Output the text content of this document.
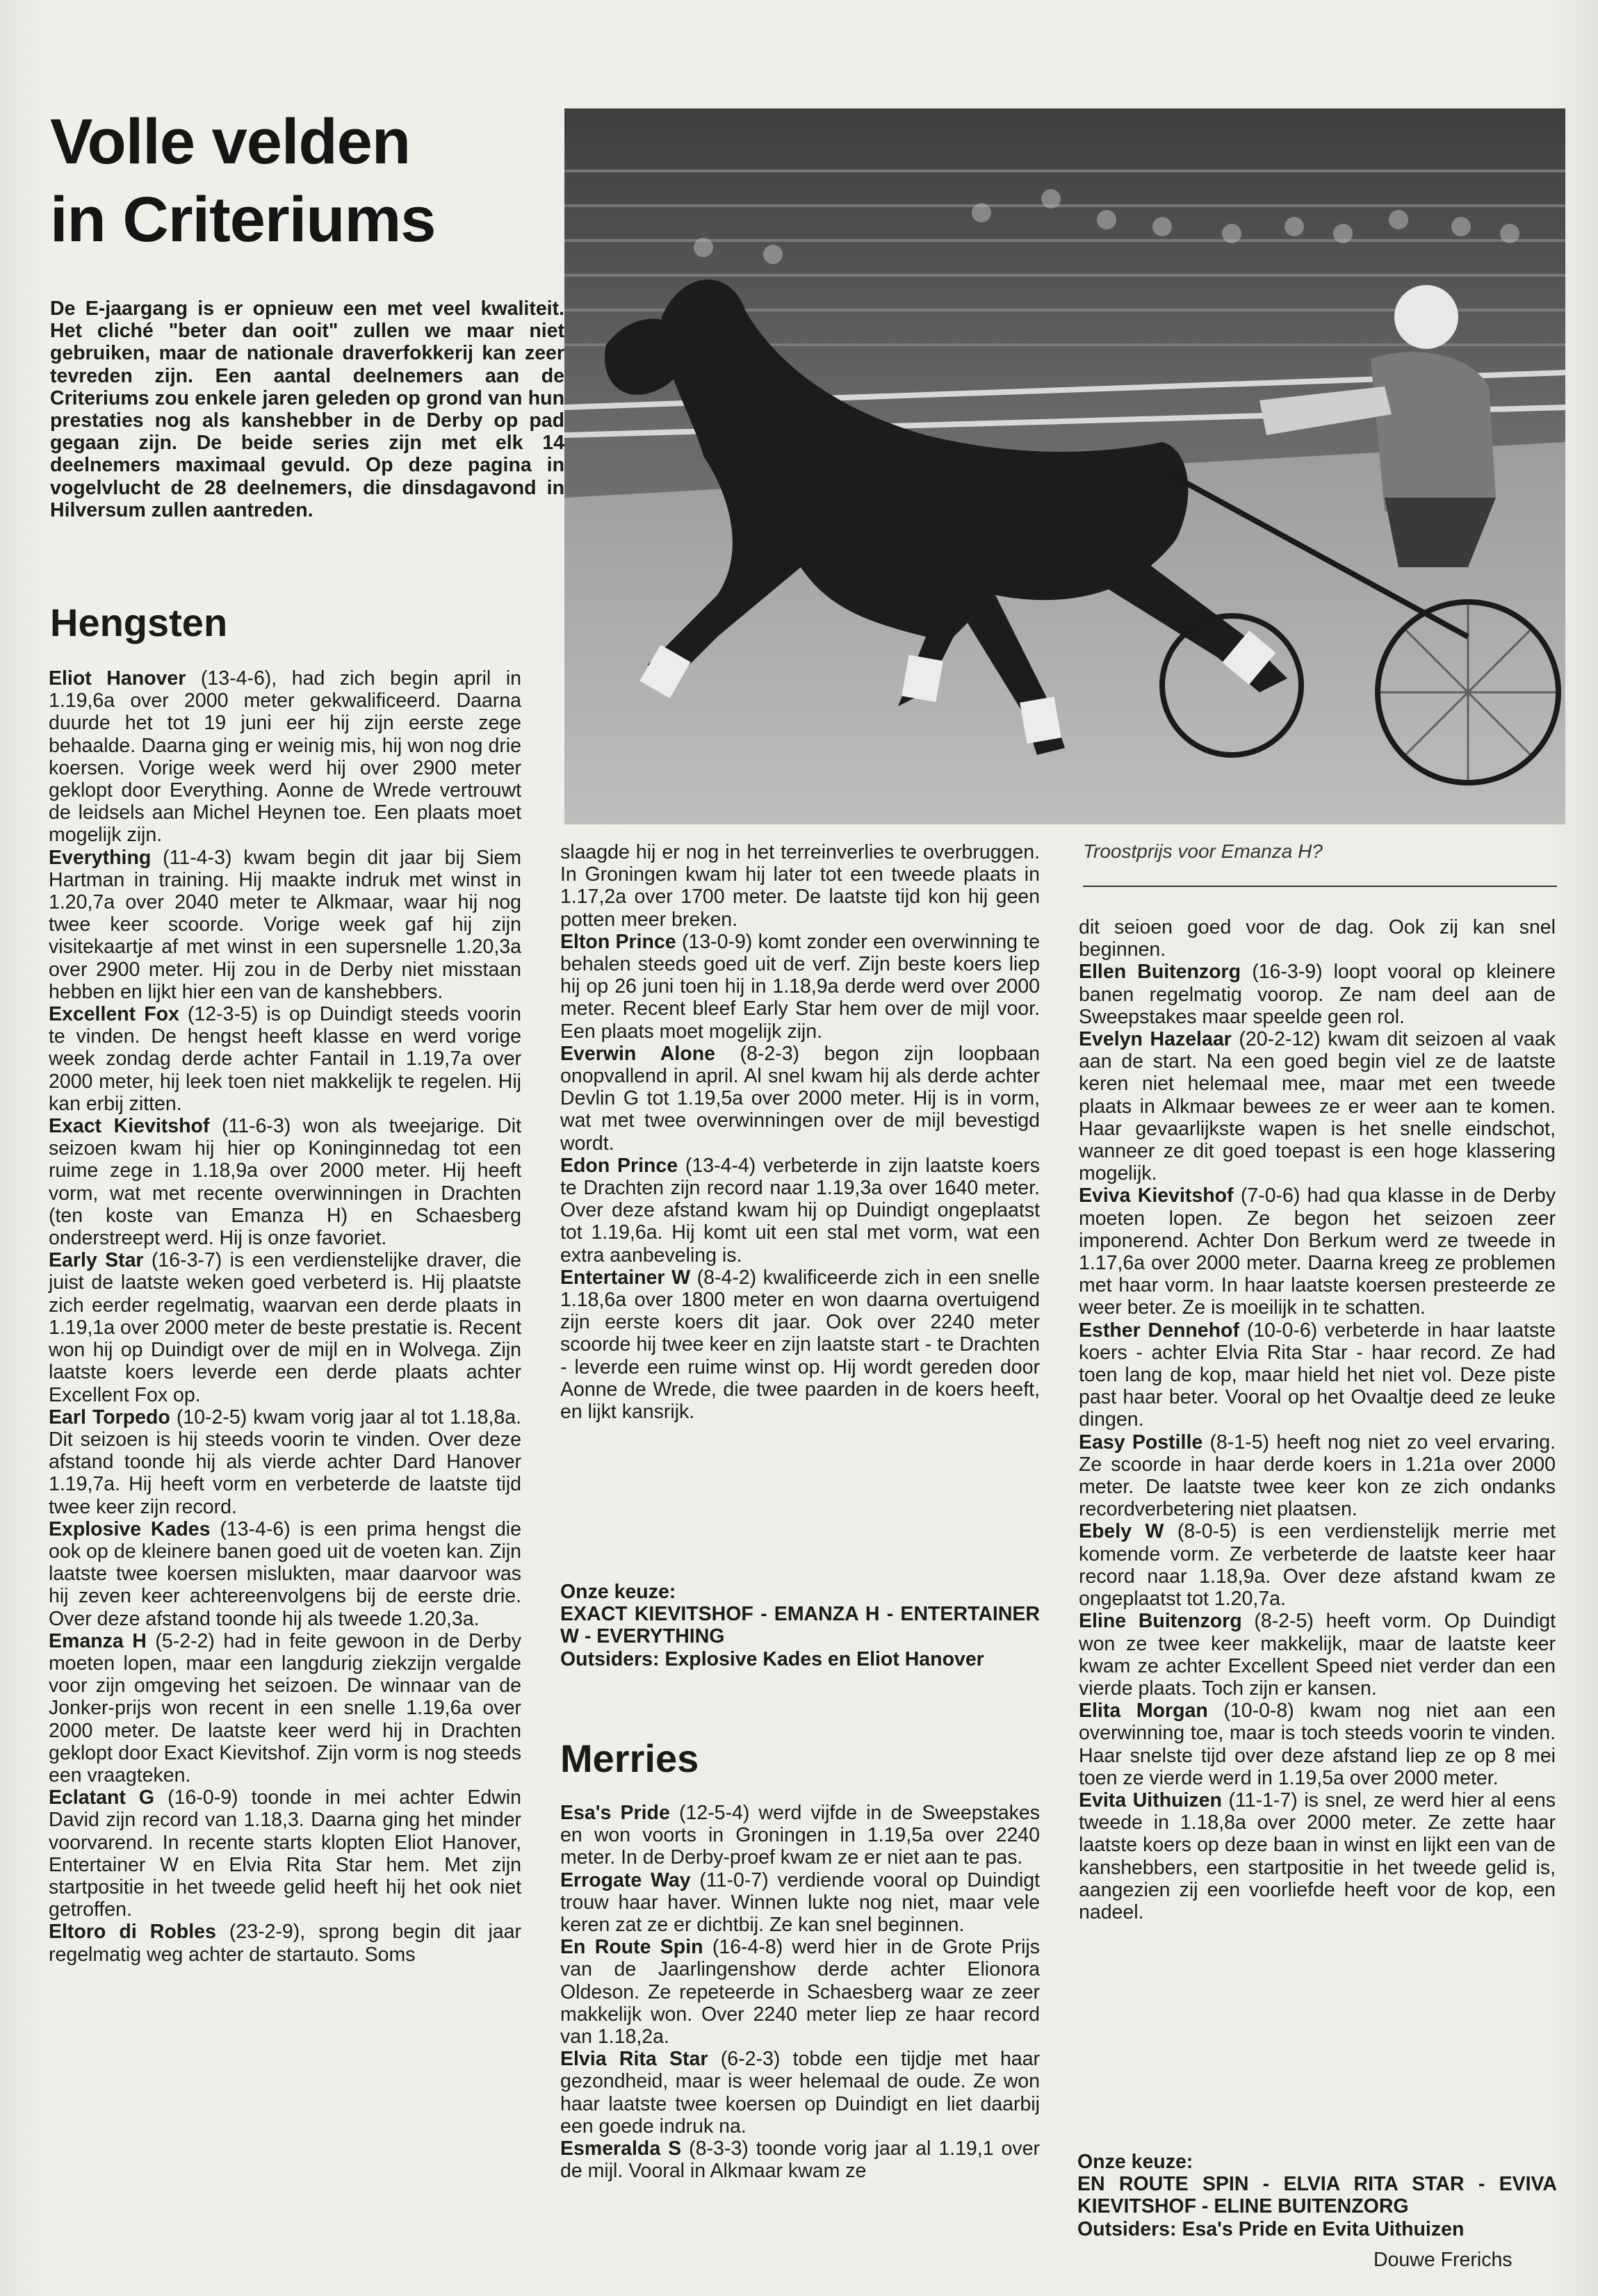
Volle velden
in Criteriums

De E-jaargang is er opnieuw een met veel kwaliteit. Het cliché "beter dan ooit" zullen we maar niet gebruiken, maar de nationale draverfokkerij kan zeer tevreden zijn. Een aantal deelnemers aan de Criteriums zou enkele jaren geleden op grond van hun prestaties nog als kanshebber in de Derby op pad gegaan zijn. De beide series zijn met elk 14 deelnemers maximaal gevuld. Op deze pagina in vogelvlucht de 28 deelnemers, die dinsdagavond in Hilversum zullen aantreden.

Hengsten

Eliot Hanover (13-4-6), had zich begin april in 1.19,6a over 2000 meter gekwalificeerd. Daarna duurde het tot 19 juni eer hij zijn eerste zege behaalde. Daarna ging er weinig mis, hij won nog drie koersen. Vorige week werd hij over 2900 meter geklopt door Everything. Aonne de Wrede vertrouwt de leidsels aan Michel Heynen toe. Een plaats moet mogelijk zijn.

Everything (11-4-3) kwam begin dit jaar bij Siem Hartman in training. Hij maakte indruk met winst in 1.20,7a over 2040 meter te Alkmaar, waar hij nog twee keer scoorde. Vorige week gaf hij zijn visitekaartje af met winst in een supersnelle 1.20,3a over 2900 meter. Hij zou in de Derby niet misstaan hebben en lijkt hier een van de kanshebbers.

Excellent Fox (12-3-5) is op Duindigt steeds voorin te vinden. De hengst heeft klasse en werd vorige week zondag derde achter Fantail in 1.19,7a over 2000 meter, hij leek toen niet makkelijk te regelen. Hij kan erbij zitten.

Exact Kievitshof (11-6-3) won als tweejarige. Dit seizoen kwam hij hier op Koninginnedag tot een ruime zege in 1.18,9a over 2000 meter. Hij heeft vorm, wat met recente overwinningen in Drachten (ten koste van Emanza H) en Schaesberg onderstreept werd. Hij is onze favoriet.

Early Star (16-3-7) is een verdienstelijke draver, die juist de laatste weken goed verbeterd is. Hij plaatste zich eerder regelmatig, waarvan een derde plaats in 1.19,1a over 2000 meter de beste prestatie is. Recent won hij op Duindigt over de mijl en in Wolvega. Zijn laatste koers leverde een derde plaats achter Excellent Fox op.

Earl Torpedo (10-2-5) kwam vorig jaar al tot 1.18,8a. Dit seizoen is hij steeds voorin te vinden. Over deze afstand toonde hij als vierde achter Dard Hanover 1.19,7a. Hij heeft vorm en verbeterde de laatste tijd twee keer zijn record.

Explosive Kades (13-4-6) is een prima hengst die ook op de kleinere banen goed uit de voeten kan. Zijn laatste twee koersen mislukten, maar daarvoor was hij zeven keer achtereenvolgens bij de eerste drie. Over deze afstand toonde hij als tweede 1.20,3a.

Emanza H (5-2-2) had in feite gewoon in de Derby moeten lopen, maar een langdurig ziekzijn vergalde voor zijn omgeving het seizoen. De winnaar van de Jonker-prijs won recent in een snelle 1.19,6a over 2000 meter. De laatste keer werd hij in Drachten geklopt door Exact Kievitshof. Zijn vorm is nog steeds een vraagteken.

Eclatant G (16-0-9) toonde in mei achter Edwin David zijn record van 1.18,3. Daarna ging het minder voorvarend. In recente starts klopten Eliot Hanover, Entertainer W en Elvia Rita Star hem. Met zijn startpositie in het tweede gelid heeft hij het ook niet getroffen.

Eltoro di Robles (23-2-9), sprong begin dit jaar regelmatig weg achter de startauto. Soms

Troostprijs voor Emanza H?

slaagde hij er nog in het terreinverlies te overbruggen. In Groningen kwam hij later tot een tweede plaats in 1.17,2a over 1700 meter. De laatste tijd kon hij geen potten meer breken.

Elton Prince (13-0-9) komt zonder een overwinning te behalen steeds goed uit de verf. Zijn beste koers liep hij op 26 juni toen hij in 1.18,9a derde werd over 2000 meter. Recent bleef Early Star hem over de mijl voor. Een plaats moet mogelijk zijn.

Everwin Alone (8-2-3) begon zijn loopbaan onopvallend in april. Al snel kwam hij als derde achter Devlin G tot 1.19,5a over 2000 meter. Hij is in vorm, wat met twee overwinningen over de mijl bevestigd wordt.

Edon Prince (13-4-4) verbeterde in zijn laatste koers te Drachten zijn record naar 1.19,3a over 1640 meter. Over deze afstand kwam hij op Duindigt ongeplaatst tot 1.19,6a. Hij komt uit een stal met vorm, wat een extra aanbeveling is.

Entertainer W (8-4-2) kwalificeerde zich in een snelle 1.18,6a over 1800 meter en won daarna overtuigend zijn eerste koers dit jaar. Ook over 2240 meter scoorde hij twee keer en zijn laatste start - te Drachten - leverde een ruime winst op. Hij wordt gereden door Aonne de Wrede, die twee paarden in de koers heeft, en lijkt kansrijk.

Onze keuze:

EXACT KIEVITSHOF - EMANZA H - ENTERTAINER W - EVERYTHING

Outsiders: Explosive Kades en Eliot Hanover

Merries

Esa's Pride (12-5-4) werd vijfde in de Sweepstakes en won voorts in Groningen in 1.19,5a over 2240 meter. In de Derby-proef kwam ze er niet aan te pas.

Errogate Way (11-0-7) verdiende vooral op Duindigt trouw haar haver. Winnen lukte nog niet, maar vele keren zat ze er dichtbij. Ze kan snel beginnen.

En Route Spin (16-4-8) werd hier in de Grote Prijs van de Jaarlingenshow derde achter Elionora Oldeson. Ze repeteerde in Schaesberg waar ze zeer makkelijk won. Over 2240 meter liep ze haar record van 1.18,2a.

Elvia Rita Star (6-2-3) tobde een tijdje met haar gezondheid, maar is weer helemaal de oude. Ze won haar laatste twee koersen op Duindigt en liet daarbij een goede indruk na.

Esmeralda S (8-3-3) toonde vorig jaar al 1.19,1 over de mijl. Vooral in Alkmaar kwam ze

dit seioen goed voor de dag. Ook zij kan snel beginnen.

Ellen Buitenzorg (16-3-9) loopt vooral op kleinere banen regelmatig voorop. Ze nam deel aan de Sweepstakes maar speelde geen rol.

Evelyn Hazelaar (20-2-12) kwam dit seizoen al vaak aan de start. Na een goed begin viel ze de laatste keren niet helemaal mee, maar met een tweede plaats in Alkmaar bewees ze er weer aan te komen. Haar gevaarlijkste wapen is het snelle eindschot, wanneer ze dit goed toepast is een hoge klassering mogelijk.

Eviva Kievitshof (7-0-6) had qua klasse in de Derby moeten lopen. Ze begon het seizoen zeer imponerend. Achter Don Berkum werd ze tweede in 1.17,6a over 2000 meter. Daarna kreeg ze problemen met haar vorm. In haar laatste koersen presteerde ze weer beter. Ze is moeilijk in te schatten.

Esther Dennehof (10-0-6) verbeterde in haar laatste koers - achter Elvia Rita Star - haar record. Ze had toen lang de kop, maar hield het niet vol. Deze piste past haar beter. Vooral op het Ovaaltje deed ze leuke dingen.

Easy Postille (8-1-5) heeft nog niet zo veel ervaring. Ze scoorde in haar derde koers in 1.21a over 2000 meter. De laatste twee keer kon ze zich ondanks recordverbetering niet plaatsen.

Ebely W (8-0-5) is een verdienstelijk merrie met komende vorm. Ze verbeterde de laatste keer haar record naar 1.18,9a. Over deze afstand kwam ze ongeplaatst tot 1.20,7a.

Eline Buitenzorg (8-2-5) heeft vorm. Op Duindigt won ze twee keer makkelijk, maar de laatste keer kwam ze achter Excellent Speed niet verder dan een vierde plaats. Toch zijn er kansen.

Elita Morgan (10-0-8) kwam nog niet aan een overwinning toe, maar is toch steeds voorin te vinden. Haar snelste tijd over deze afstand liep ze op 8 mei toen ze vierde werd in 1.19,5a over 2000 meter.

Evita Uithuizen (11-1-7) is snel, ze werd hier al eens tweede in 1.18,8a over 2000 meter. Ze zette haar laatste koers op deze baan in winst en lijkt een van de kanshebbers, een startpositie in het tweede gelid is, aangezien zij een voorliefde heeft voor de kop, een nadeel.

Onze keuze:

EN ROUTE SPIN - ELVIA RITA STAR - EVIVA KIEVITSHOF - ELINE BUITENZORG

Outsiders: Esa's Pride en Evita Uithuizen

Douwe Frerichs
